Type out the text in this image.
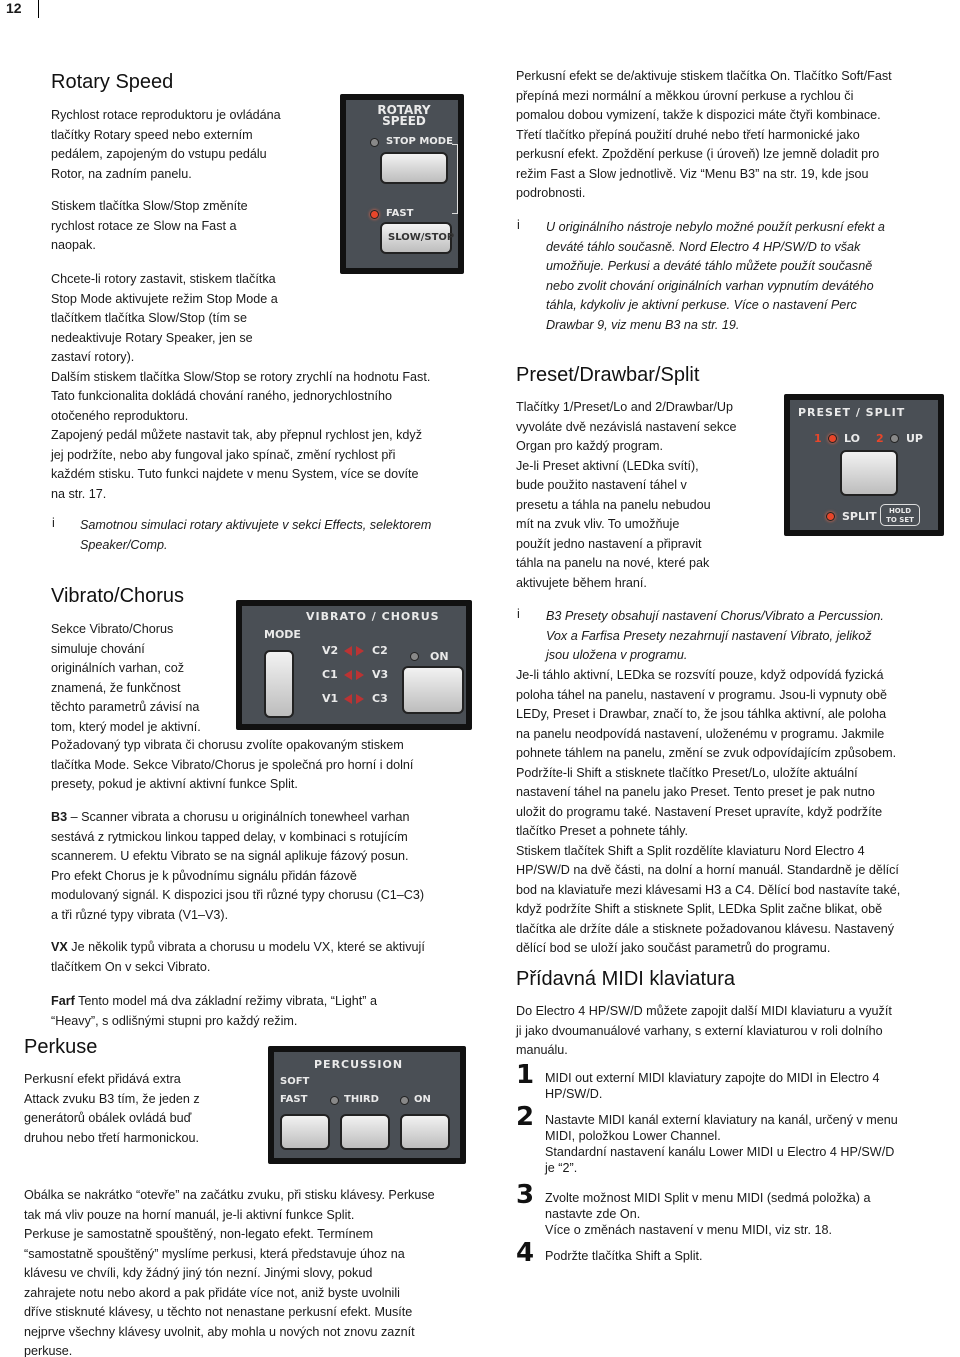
12
Rotary Speed

Rychlost rotace reproduktoru je ovládána

tlačítky Rotary speed nebo externím

pedálem, zapojeným do vstupu pedálu

Rotor, na zadním panelu.

Stiskem tlačítka Slow/Stop změníte

rychlost rotace ze Slow na Fast a

naopak.

Chcete-li rotory zastavit, stiskem tlačítka

Stop Mode aktivujete režim Stop Mode a

tlačítkem tlačítka Slow/Stop (tím se

nedeaktivuje Rotary Speaker, jen se

zastaví rotory).

Dalším stiskem tlačítka Slow/Stop se rotory zrychlí na hodnotu Fast.

Tato funkcionalita dokládá chování raného, jednorychlostního

otočeného reproduktoru.

Zapojený pedál můžete nastavit tak, aby přepnul rychlost jen, když

jej podržíte, nebo aby fungoval jako spínač, změní rychlost při

každém stisku. Tuto funkci najdete v menu System, více se dovíte

na str. 17.

i Samotnou simulaci rotary aktivujete v sekci Effects, selektorem

Speaker/Comp.

ROTARY
SPEED
STOP MODE
FAST
SLOW/STOP
Vibrato/Chorus

Sekce Vibrato/Chorus

simuluje chování

originálních varhan, což

znamená, že funkčnost

těchto parametrů závisí na

tom, který model je aktivní.

Požadovaný typ vibrata či chorusu zvolíte opakovaným stiskem

tlačítka Mode. Sekce Vibrato/Chorus je společná pro horní i dolní

presety, pokud je aktivní aktivní funkce Split.

B3 – Scanner vibrata a chorusu u originálních tonewheel varhan

sestává z rytmickou linkou tapped delay, v kombinaci s rotujícím

scannerem. U efektu Vibrato se na signál aplikuje fázový posun.

Pro efekt Chorus je k původnímu signálu přidán fázově

modulovaný signál. K dispozici jsou tři různé typy chorusu (C1–C3)

a tři různé typy vibrata (V1–V3).

VX Je několik typů vibrata a chorusu u modelu VX, které se aktivují

tlačítkem On v sekci Vibrato.

Farf Tento model má dva základní režimy vibrata, “Light” a

“Heavy”, s odlišnými stupni pro každý režim.

MODE
VIBRATO / CHORUS
V2
C1
V1
C2
V3
C3
ON
Perkuse

Perkusní efekt přidává extra

Attack zvuku B3 tím, že jeden z

generátorů obálek ovládá buď

druhou nebo třetí harmonickou.

Obálka se nakrátko “otevře” na začátku zvuku, při stisku klávesy. Perkuse

tak má vliv pouze na horní manuál, je-li aktivní funkce Split.

Perkuse je samostatně spouštěný, non-legato efekt. Termínem

“samostatně spouštěný” myslíme perkusi, která představuje úhoz na

klávesu ve chvíli, kdy žádný jiný tón nezní. Jinými slovy, pokud

zahrajete notu nebo akord a pak přidáte více not, aniž byste uvolnili

dříve stisknuté klávesy, u těchto not nenastane perkusní efekt. Musíte

nejprve všechny klávesy uvolnit, aby mohla u nových not znovu zaznít

perkuse.

PERCUSSION
SOFT
FAST	THIRD	ON

Perkusní efekt se de/aktivuje stiskem tlačítka On. Tlačítko Soft/Fast

přepíná mezi normální a měkkou úrovní perkuse a rychlou či

pomalou dobou vymizení, takže k dispozici máte čtyři kombinace.

Třetí tlačítko přepíná použití druhé nebo třetí harmonické jako

perkusní efekt. Zpoždění perkuse (i úroveň) lze jemně doladit pro

režim Fast a Slow jednotlivě. Viz “Menu B3” na str. 19, kde jsou

podrobnosti.

i U originálního nástroje nebylo možné použít perkusní efekt a

deváté táhlo současně. Nord Electro 4 HP/SW/D to však

umožňuje. Perkusi a deváté táhlo můžete použít současně

nebo zvolit chování originálních varhan vypnutím devátého

táhla, kdykoliv je aktivní perkuse. Více o nastavení Perc

Drawbar 9, viz menu B3 na str. 19.

Preset/Drawbar/Split

Tlačítky 1/Preset/Lo and 2/Drawbar/Up

vyvoláte dvě nezávislá nastavení sekce

Organ pro každý program.

Je-li Preset aktivní (LEDka svítí),

bude použito nastavení táhel v

presetu a táhla na panelu nebudou

mít na zvuk vliv. To umožňuje

použít jedno nastavení a připravit

táhla na panelu na nové, které pak

aktivujete během hraní.

PRESET / SPLIT
1 LO 2 UP
SPLIT	HOLD
TO SET
i B3 Presety obsahují nastavení Chorus/Vibrato a Percussion.

Vox a Farfisa Presety nezahrnují nastavení Vibrato, jelikož

jsou uložena v programu.

Je-li táhlo aktivní, LEDka se rozsvítí pouze, když odpovídá fyzická

poloha táhel na panelu, nastavení v programu. Jsou-li vypnuty obě

LEDy, Preset i Drawbar, značí to, že jsou táhlka aktivní, ale poloha

na panelu neodpovídá nastavení, uloženému v programu. Jakmile

pohnete táhlem na panelu, změní se zvuk odpovídajícím způsobem.

Podržíte-li Shift a stisknete tlačítko Preset/Lo, uložíte aktuální

nastavení táhel na panelu jako Preset. Tento preset je pak nutno

uložit do programu také. Nastavení Preset upravíte, když podržíte

tlačítko Preset a pohnete táhly.

Stiskem tlačítek Shift a Split rozdělíte klaviaturu Nord Electro 4

HP/SW/D na dvě části, na dolní a horní manuál. Standardně je dělící

bod na klaviatuře mezi klávesami H3 a C4. Dělící bod nastavíte také,

když podržíte Shift a stisknete Split, LEDka Split začne blikat, obě

tlačítka ale držíte dále a stisknete požadovanou klávesu. Nastavený

dělící bod se uloží jako součást parametrů do programu.

Přídavná MIDI klaviatura

Do Electro 4 HP/SW/D můžete zapojit další MIDI klaviaturu a využít

ji jako dvoumanuálové varhany, s externí klaviaturou v roli dolního

manuálu.

1 MIDI out externí MIDI klaviatury zapojte do MIDI in Electro 4

HP/SW/D.

2 Nastavte MIDI kanál externí klaviatury na kanál, určený v menu

MIDI, položkou Lower Channel.

Standardní nastavení kanálu Lower MIDI u Electro 4 HP/SW/D

je “2”.

3 Zvolte možnost MIDI Split v menu MIDI (sedmá položka) a

nastavte zde On.

Více o změnách nastavení v menu MIDI, viz str. 18.

4 Podržte tlačítka Shift a Split.
